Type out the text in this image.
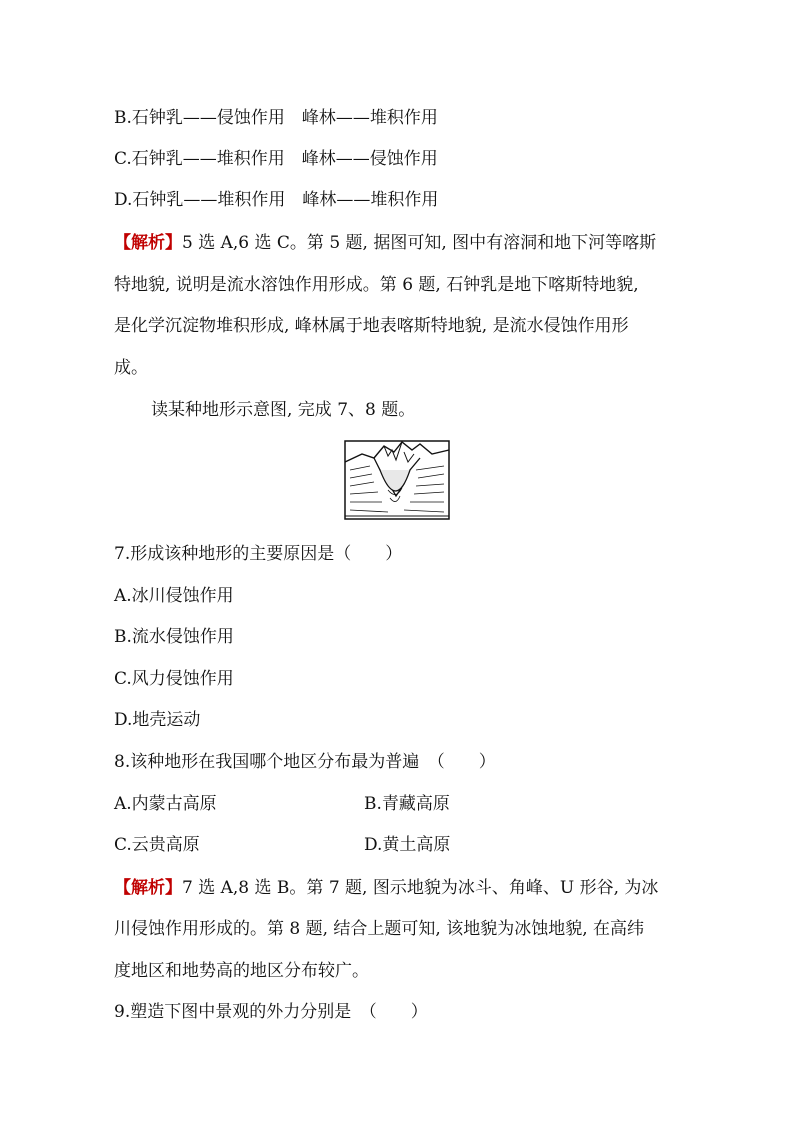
B.石钟乳——侵蚀作用　峰林——堆积作用
C.石钟乳——堆积作用　峰林——侵蚀作用
D.石钟乳——堆积作用　峰林——堆积作用
【解析】5 选 A,6 选 C。第 5 题, 据图可知, 图中有溶洞和地下河等喀斯
特地貌, 说明是流水溶蚀作用形成。第 6 题, 石钟乳是地下喀斯特地貌,
是化学沉淀物堆积形成, 峰林属于地表喀斯特地貌, 是流水侵蚀作用形
成。
读某种地形示意图, 完成 7、8 题。
7.形成该种地形的主要原因是（　　）
A.冰川侵蚀作用
B.流水侵蚀作用
C.风力侵蚀作用
D.地壳运动
8.该种地形在我国哪个地区分布最为普遍　（　　）
A.内蒙古高原	B.青藏高原
C.云贵高原	D.黄土高原
【解析】7 选 A,8 选 B。第 7 题, 图示地貌为冰斗、角峰、U 形谷, 为冰
川侵蚀作用形成的。第 8 题, 结合上题可知, 该地貌为冰蚀地貌, 在高纬
度地区和地势高的地区分布较广。
9.塑造下图中景观的外力分别是　（　　）
